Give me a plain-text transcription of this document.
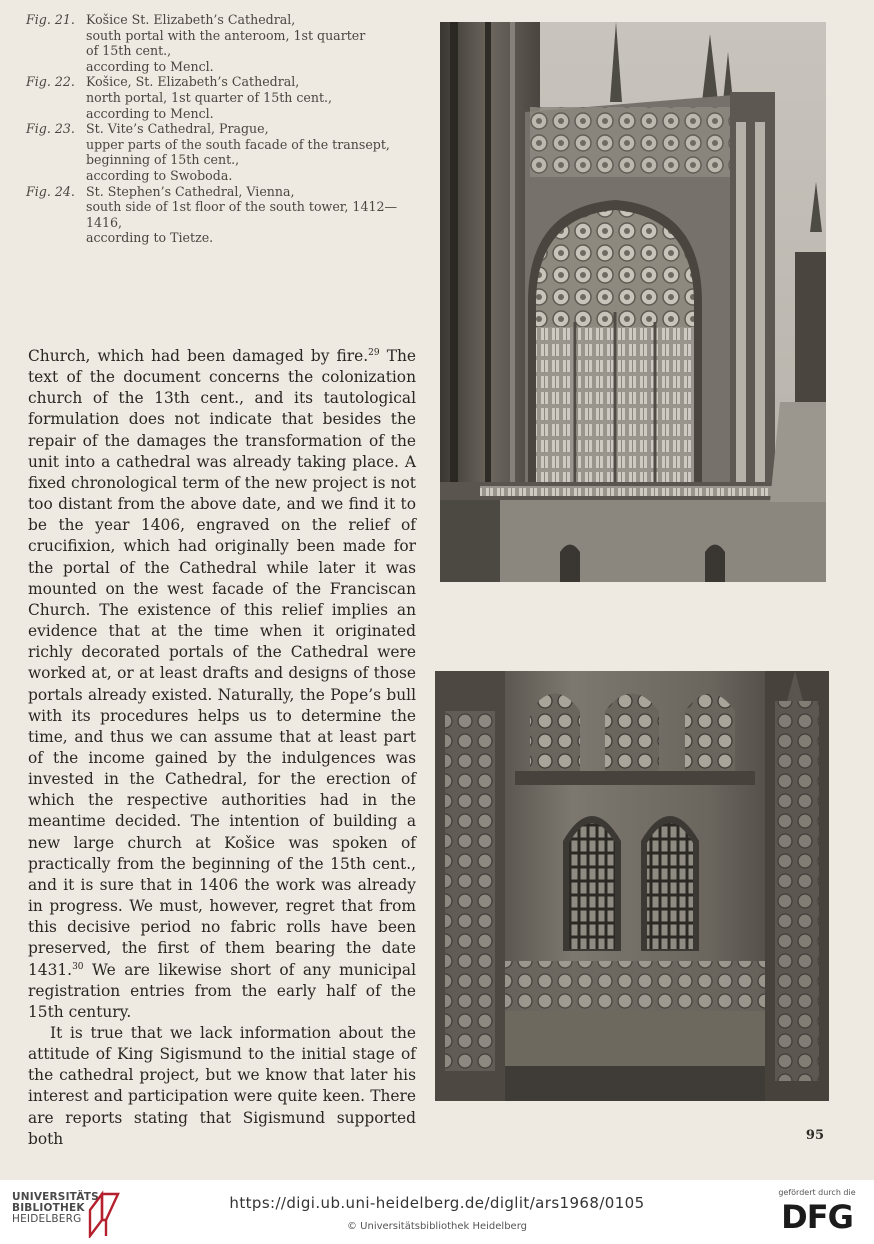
Fig. 21. Košice St. Elizabeth’s Cathedral,
south portal with the anteroom, 1st quarter
of 15th cent.,
according to Mencl.
Fig. 22. Košice, St. Elizabeth’s Cathedral,
north portal, 1st quarter of 15th cent.,
according to Mencl.
Fig. 23. St. Vite’s Cathedral, Prague,
upper parts of the south facade of the transept,
beginning of 15th cent.,
according to Swoboda.
Fig. 24. St. Stephen’s Cathedral, Vienna,
south side of 1st floor of the south tower, 1412—
1416,
according to Tietze.

Church, which had been damaged by fire.$^{29}$ The text of the document concerns the colonization church of the 13th cent., and its tautological formulation does not indicate that besides the repair of the damages the transformation of the unit into a cathedral was already taking place. A fixed chronological term of the new project is not too distant from the above date, and we find it to be the year 1406, engraved on the relief of crucifixion, which had originally been made for the portal of the Cathedral while later it was mounted on the west facade of the Franciscan Church. The existence of this relief implies an evidence that at the time when it originated richly decorated portals of the Cathedral were worked at, or at least drafts and designs of those portals already existed. Naturally, the Pope’s bull with its procedures helps us to determine the time, and thus we can assume that at least part of the income gained by the indulgences was invested in the Cathedral, for the erection of which the respective authorities had in the meantime decided. The intention of building a new large church at Košice was spoken of practically from the beginning of the 15th cent., and it is sure that in 1406 the work was already in progress. We must, however, regret that from this decisive period no fabric rolls have been preserved, the first of them bearing the date 1431.30 We are likewise short of any municipal registration entries from the early half of the 15th century.

It is true that we lack information about the attitude of King Sigismund to the initial stage of the cathedral project, but we know that later his interest and participation were quite keen. There are reports stating that Sigismund supported both	95
UNIVERSITÄTS-
BIBLIOTHEK
HEIDELBERG
https://digi.ub.uni-heidelberg.de/diglit/ars1968/0105
© Universitätsbibliothek Heidelberg
gefördert durch die
DFG
